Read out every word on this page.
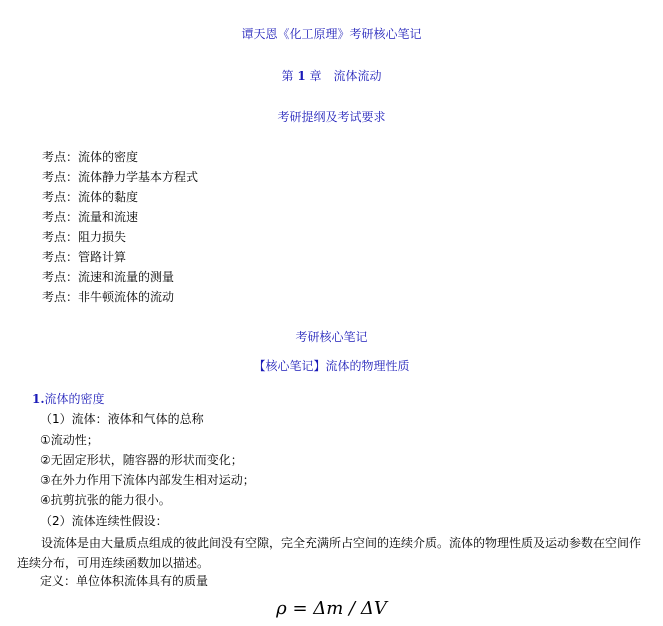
谭天恩《化工原理》考研核心笔记
第 1 章　流体流动
考研提纲及考试要求
考点：流体的密度
考点：流体静力学基本方程式
考点：流体的黏度
考点：流量和流速
考点：阻力损失
考点：管路计算
考点：流速和流量的测量
考点：非牛顿流体的流动
考研核心笔记
【核心笔记】流体的物理性质
1.流体的密度
（1）流体：液体和气体的总称
①流动性；
②无固定形状，随容器的形状而变化；
③在外力作用下流体内部发生相对运动；
④抗剪抗张的能力很小。
（2）流体连续性假设：
设流体是由大量质点组成的彼此间没有空隙，完全充满所占空间的连续介质。流体的物理性质及运动参数在空间作连续分布，可用连续函数加以描述。
定义：单位体积流体具有的质量
ρ = Δm / ΔV
